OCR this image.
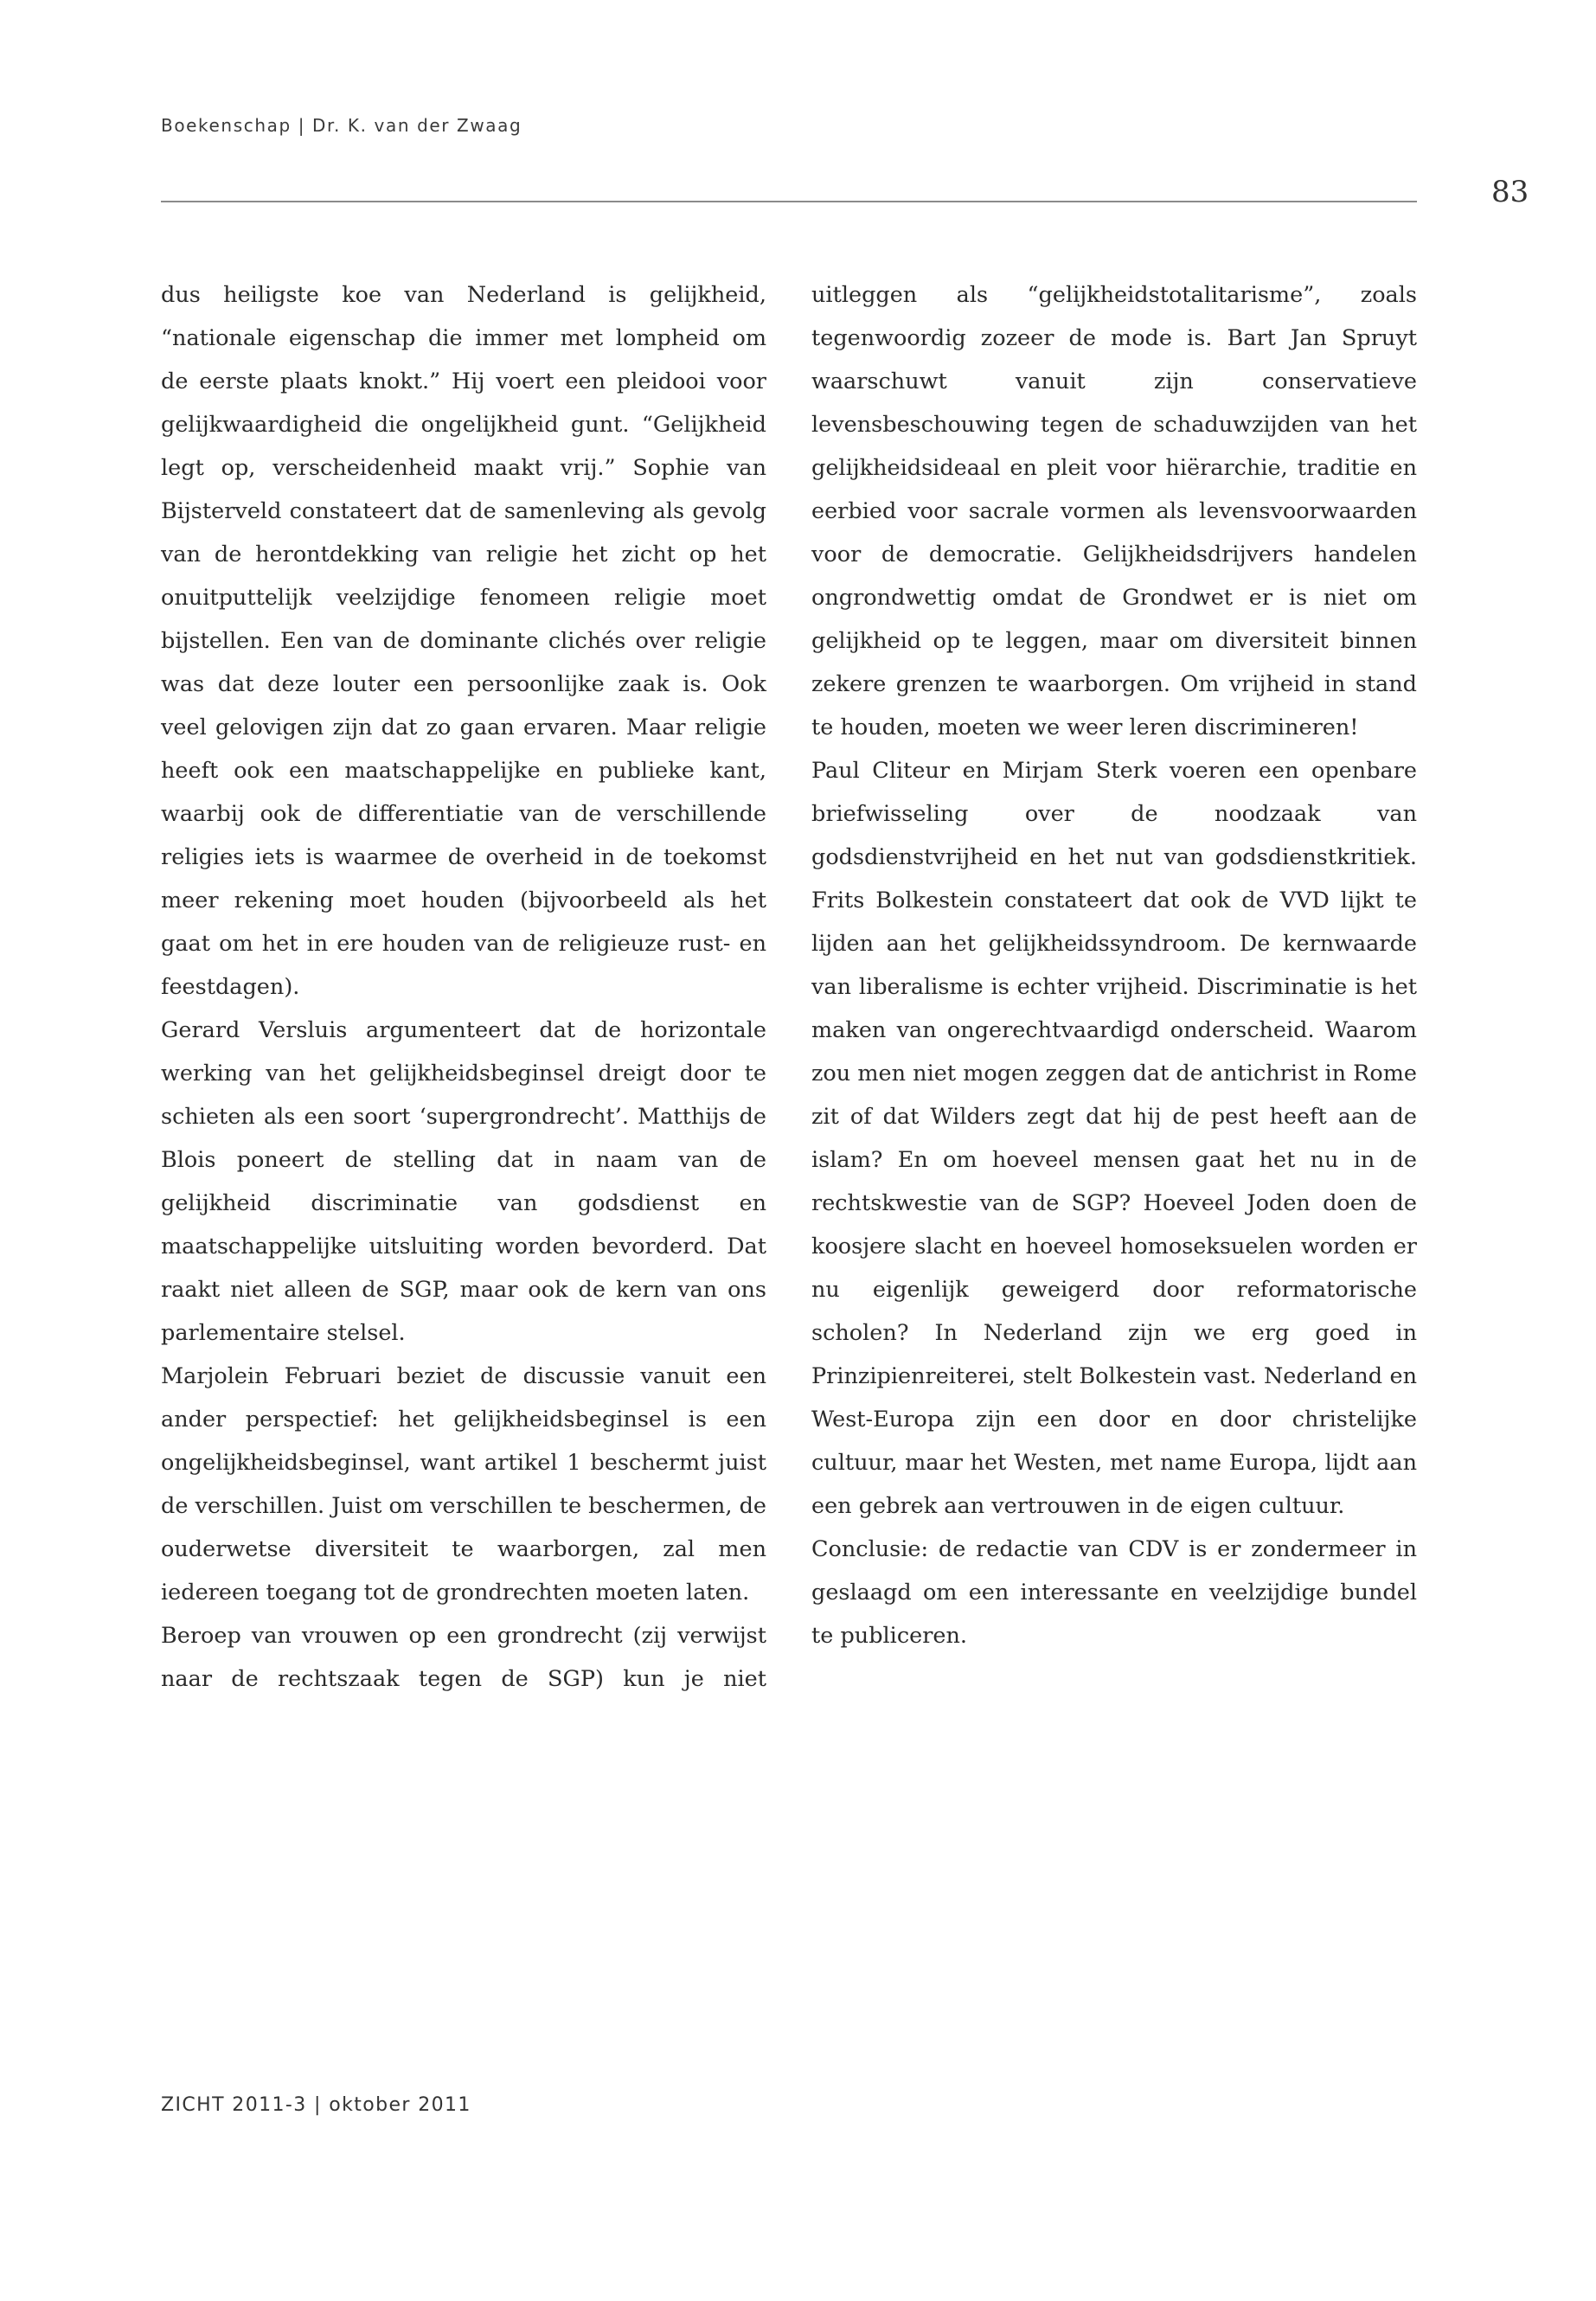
Boekenschap | Dr. K. van der Zwaag
83

dus heiligste koe van Nederland is gelijkheid, “nationale eigenschap die immer met lompheid om de eerste plaats knokt.” Hij voert een pleidooi voor gelijkwaardigheid die ongelijkheid gunt. “Gelijkheid legt op, verscheidenheid maakt vrij.” Sophie van Bijsterveld constateert dat de samenleving als gevolg van de herontdekking van religie het zicht op het onuitputtelijk veelzijdige fenomeen religie moet bijstellen. Een van de dominante clichés over religie was dat deze louter een persoonlijke zaak is. Ook veel gelovigen zijn dat zo gaan ervaren. Maar religie heeft ook een maatschappelijke en publieke kant, waarbij ook de differentiatie van de verschillende religies iets is waarmee de overheid in de toekomst meer rekening moet houden (bijvoorbeeld als het gaat om het in ere houden van de religieuze rust- en feestdagen).

Gerard Versluis argumenteert dat de horizontale werking van het gelijkheidsbeginsel dreigt door te schieten als een soort ‘supergrondrecht’. Matthijs de Blois poneert de stelling dat in naam van de gelijkheid discriminatie van godsdienst en maatschappelijke uitsluiting worden bevorderd. Dat raakt niet alleen de SGP, maar ook de kern van ons parlementaire stelsel.

Marjolein Februari beziet de discussie vanuit een ander perspectief: het gelijkheidsbeginsel is een ongelijkheidsbeginsel, want artikel 1 beschermt juist de verschillen. Juist om verschillen te beschermen, de ouderwetse diversiteit te waarborgen, zal men iedereen toegang tot de grondrechten moeten laten.

Beroep van vrouwen op een grondrecht (zij verwijst naar de rechtszaak tegen de SGP) kun je niet

uitleggen als “gelijkheidstotalitarisme”, zoals tegenwoordig zozeer de mode is. Bart Jan Spruyt waarschuwt vanuit zijn conservatieve levensbeschouwing tegen de schaduwzijden van het gelijkheidsideaal en pleit voor hiërarchie, traditie en eerbied voor sacrale vormen als levensvoorwaarden voor de democratie. Gelijkheidsdrijvers handelen ongrondwettig omdat de Grondwet er is niet om gelijkheid op te leggen, maar om diversiteit binnen zekere grenzen te waarborgen. Om vrijheid in stand te houden, moeten we weer leren discrimineren!

Paul Cliteur en Mirjam Sterk voeren een openbare briefwisseling over de noodzaak van godsdienstvrijheid en het nut van godsdienstkritiek. Frits Bolkestein constateert dat ook de VVD lijkt te lijden aan het gelijkheidssyndroom. De kernwaarde van liberalisme is echter vrijheid. Discriminatie is het maken van ongerechtvaardigd onderscheid. Waarom zou men niet mogen zeggen dat de antichrist in Rome zit of dat Wilders zegt dat hij de pest heeft aan de islam? En om hoeveel mensen gaat het nu in de rechtskwestie van de SGP? Hoeveel Joden doen de koosjere slacht en hoeveel homoseksuelen worden er nu eigenlijk geweigerd door reformatorische scholen? In Nederland zijn we erg goed in Prinzipienreiterei, stelt Bolkestein vast. Nederland en West-Europa zijn een door en door christelijke cultuur, maar het Westen, met name Europa, lijdt aan een gebrek aan vertrouwen in de eigen cultuur.

Conclusie: de redactie van CDV is er zondermeer in geslaagd om een interessante en veelzijdige bundel te publiceren.

ZICHT 2011-3 | oktober 2011
